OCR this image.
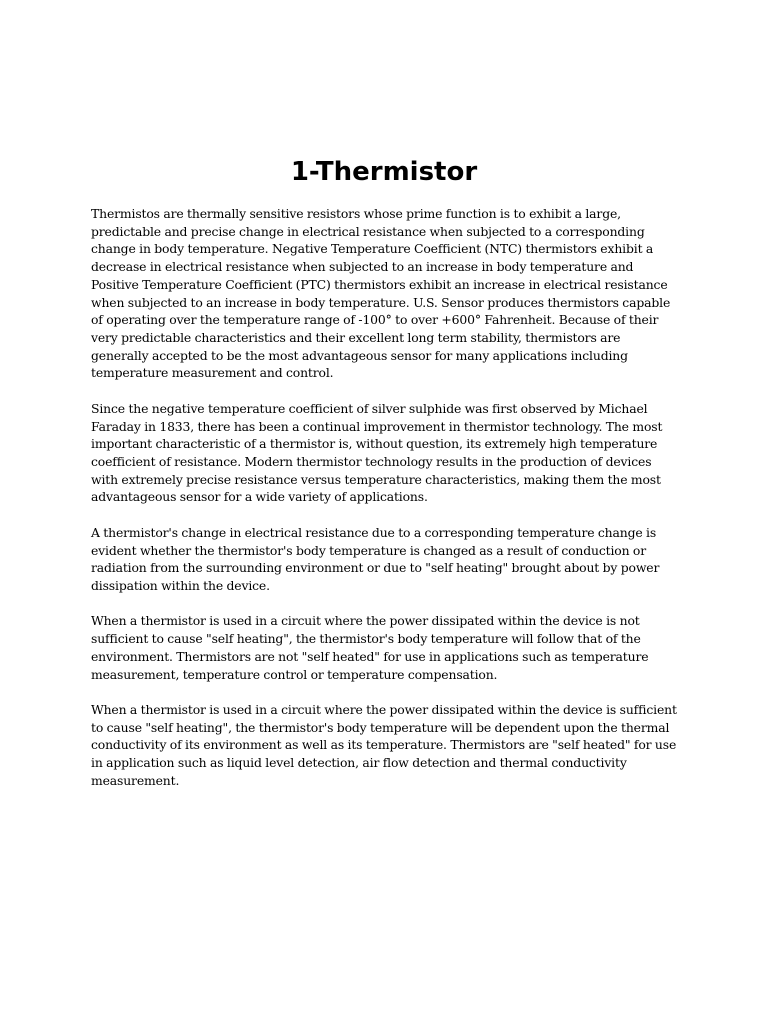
1-Thermistor

Thermistos are thermally sensitive resistors whose prime function is to exhibit a large, predictable and precise change in electrical resistance when subjected to a corresponding change in body temperature. Negative Temperature Coefficient (NTC) thermistors exhibit a decrease in electrical resistance when subjected to an increase in body temperature and Positive Temperature Coefficient (PTC) thermistors exhibit an increase in electrical resistance when subjected to an increase in body temperature. U.S. Sensor produces thermistors capable of operating over the temperature range of -100° to over +600° Fahrenheit. Because of their very predictable characteristics and their excellent long term stability, thermistors are generally accepted to be the most advantageous sensor for many applications including temperature measurement and control.

Since the negative temperature coefficient of silver sulphide was first observed by Michael Faraday in 1833, there has been a continual improvement in thermistor technology. The most important characteristic of a thermistor is, without question, its extremely high temperature coefficient of resistance. Modern thermistor technology results in the production of devices with extremely precise resistance versus temperature characteristics, making them the most advantageous sensor for a wide variety of applications.

A thermistor's change in electrical resistance due to a corresponding temperature change is evident whether the thermistor's body temperature is changed as a result of conduction or radiation from the surrounding environment or due to "self heating" brought about by power dissipation within the device.

When a thermistor is used in a circuit where the power dissipated within the device is not sufficient to cause "self heating", the thermistor's body temperature will follow that of the environment. Thermistors are not "self heated" for use in applications such as temperature measurement, temperature control or temperature compensation.

When a thermistor is used in a circuit where the power dissipated within the device is sufficient to cause "self heating", the thermistor's body temperature will be dependent upon the thermal conductivity of its environment as well as its temperature. Thermistors are "self heated" for use in application such as liquid level detection, air flow detection and thermal conductivity measurement.
